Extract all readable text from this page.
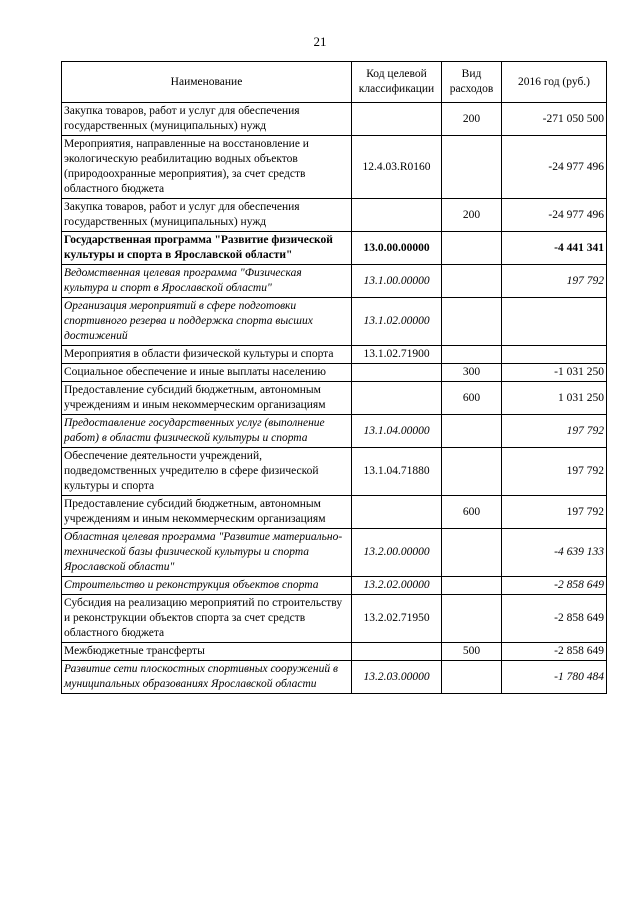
21
Наименование	Код целевой классификации	Вид расходов	2016 год (руб.)
Закупка товаров, работ и услуг для обеспечения государственных (муниципальных) нужд		200	-271 050 500
Мероприятия, направленные на восстановление и экологическую реабилитацию водных объектов (природоохранные мероприятия), за счет средств областного бюджета	12.4.03.R0160		-24 977 496
Закупка товаров, работ и услуг для обеспечения государственных (муниципальных) нужд		200	-24 977 496
Государственная программа "Развитие физической культуры и спорта в Ярославской области"	13.0.00.00000		-4 441 341
Ведомственная целевая программа "Физическая культура и спорт в Ярославской области"	13.1.00.00000		197 792
Организация мероприятий в сфере подготовки спортивного резерва и поддержка спорта высших достижений	13.1.02.00000		
Мероприятия в области физической культуры и спорта	13.1.02.71900		
Социальное обеспечение и иные выплаты населению		300	-1 031 250
Предоставление субсидий бюджетным, автономным учреждениям и иным некоммерческим организациям		600	1 031 250
Предоставление государственных услуг (выполнение работ) в области физической культуры и спорта	13.1.04.00000		197 792
Обеспечение деятельности учреждений, подведомственных учредителю в сфере физической культуры и спорта	13.1.04.71880		197 792
Предоставление субсидий бюджетным, автономным учреждениям и иным некоммерческим организациям		600	197 792
Областная целевая программа "Развитие материально-технической базы физической культуры и спорта Ярославской области"	13.2.00.00000		-4 639 133
Строительство и реконструкция объектов спорта	13.2.02.00000		-2 858 649
Субсидия на реализацию мероприятий по строительству и реконструкции объектов спорта за счет средств областного бюджета	13.2.02.71950		-2 858 649
Межбюджетные трансферты		500	-2 858 649
Развитие сети плоскостных спортивных сооружений в муниципальных образованиях Ярославской области	13.2.03.00000		-1 780 484
